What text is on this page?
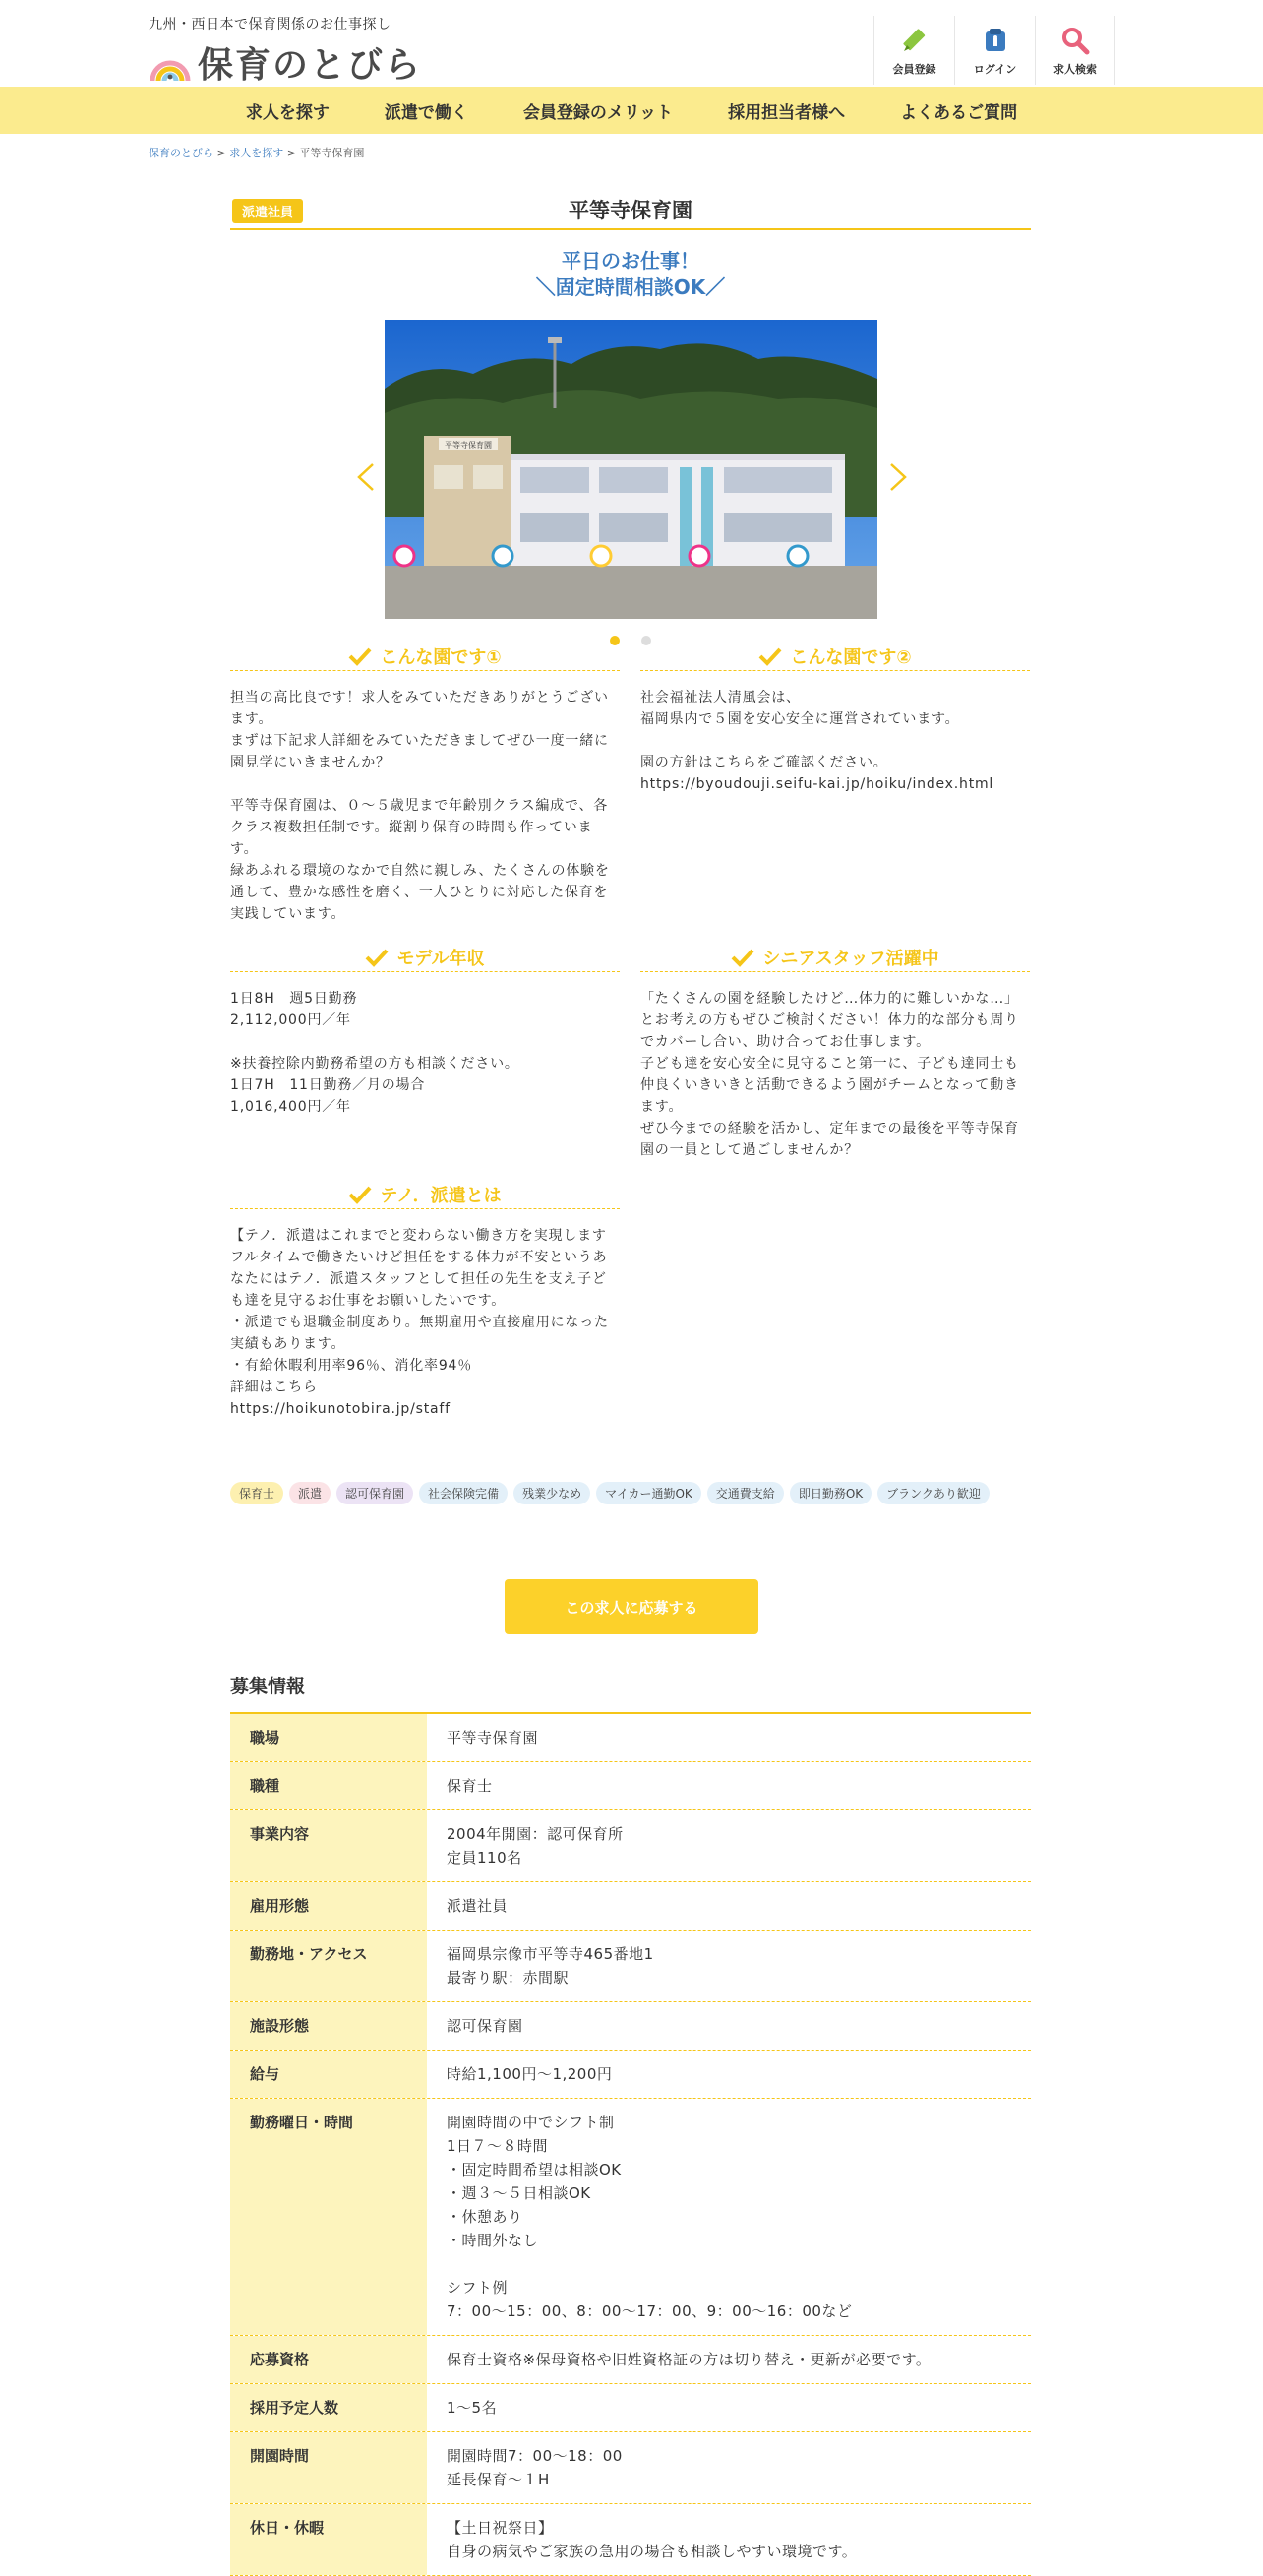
九州・西日本で保育関係のお仕事探し
保育のとびら	会員登録	ログイン	求人検索
求人を探す	派遣で働く	会員登録のメリット	採用担当者様へ	よくあるご質問
保育のとびら > 求人を探す > 平等寺保育園
平等寺保育園
派遣社員
平日のお仕事！
＼固定時間相談OK／
平等寺保育園
こんな園です①
担当の高比良です！求人をみていただきありがとうございます。
まずは下記求人詳細をみていただきましてぜひ一度一緒に園見学にいきませんか？

平等寺保育園は、０～５歳児まで年齢別クラス編成で、各クラス複数担任制です。縦割り保育の時間も作っています。
緑あふれる環境のなかで自然に親しみ、たくさんの体験を通して、豊かな感性を磨く、一人ひとりに対応した保育を実践しています。
こんな園です②
社会福祉法人清風会は、
福岡県内で５園を安心安全に運営されています。

園の方針はこちらをご確認ください。
https://byoudouji.seifu-kai.jp/hoiku/index.html
モデル年収
1日8H　週5日勤務
2,112,000円／年

※扶養控除内勤務希望の方も相談ください。
1日7H　11日勤務／月の場合
1,016,400円／年
シニアスタッフ活躍中
「たくさんの園を経験したけど…体力的に難しいかな…」とお考えの方もぜひご検討ください！体力的な部分も周りでカバーし合い、助け合ってお仕事します。
子ども達を安心安全に見守ること第一に、子ども達同士も仲良くいきいきと活動できるよう園がチームとなって動きます。
ぜひ今までの経験を活かし、定年までの最後を平等寺保育園の一員として過ごしませんか？
テノ．派遣とは
【テノ．派遣はこれまでと変わらない働き方を実現します
フルタイムで働きたいけど担任をする体力が不安というあなたにはテノ．派遣スタッフとして担任の先生を支え子ども達を見守るお仕事をお願いしたいです。
・派遣でも退職金制度あり。無期雇用や直接雇用になった実績もあります。
・有給休暇利用率96％、消化率94％
詳細はこちら
https://hoikunotobira.jp/staff
保育士	派遣	認可保育園	社会保険完備	残業少なめ	マイカー通勤OK	交通費支給	即日勤務OK	ブランクあり歓迎
この求人に応募する
募集情報
職場	平等寺保育園
職種	保育士
事業内容	2004年開園：認可保育所
定員110名
雇用形態	派遣社員
勤務地・アクセス	福岡県宗像市平等寺465番地1
最寄り駅：赤間駅
施設形態	認可保育園
給与	時給1,100円～1,200円
勤務曜日・時間	開園時間の中でシフト制
1日７～８時間
・固定時間希望は相談OK
・週３～５日相談OK
・休憩あり
・時間外なし

シフト例
7：00～15：00、8：00～17：00、9：00～16：00など
応募資格	保育士資格※保母資格や旧姓資格証の方は切り替え・更新が必要です。
採用予定人数	1～5名
開園時間	開園時間7：00～18：00
延長保育～１H
休日・休暇	【土日祝祭日】
自身の病気やご家族の急用の場合も相談しやすい環境です。
